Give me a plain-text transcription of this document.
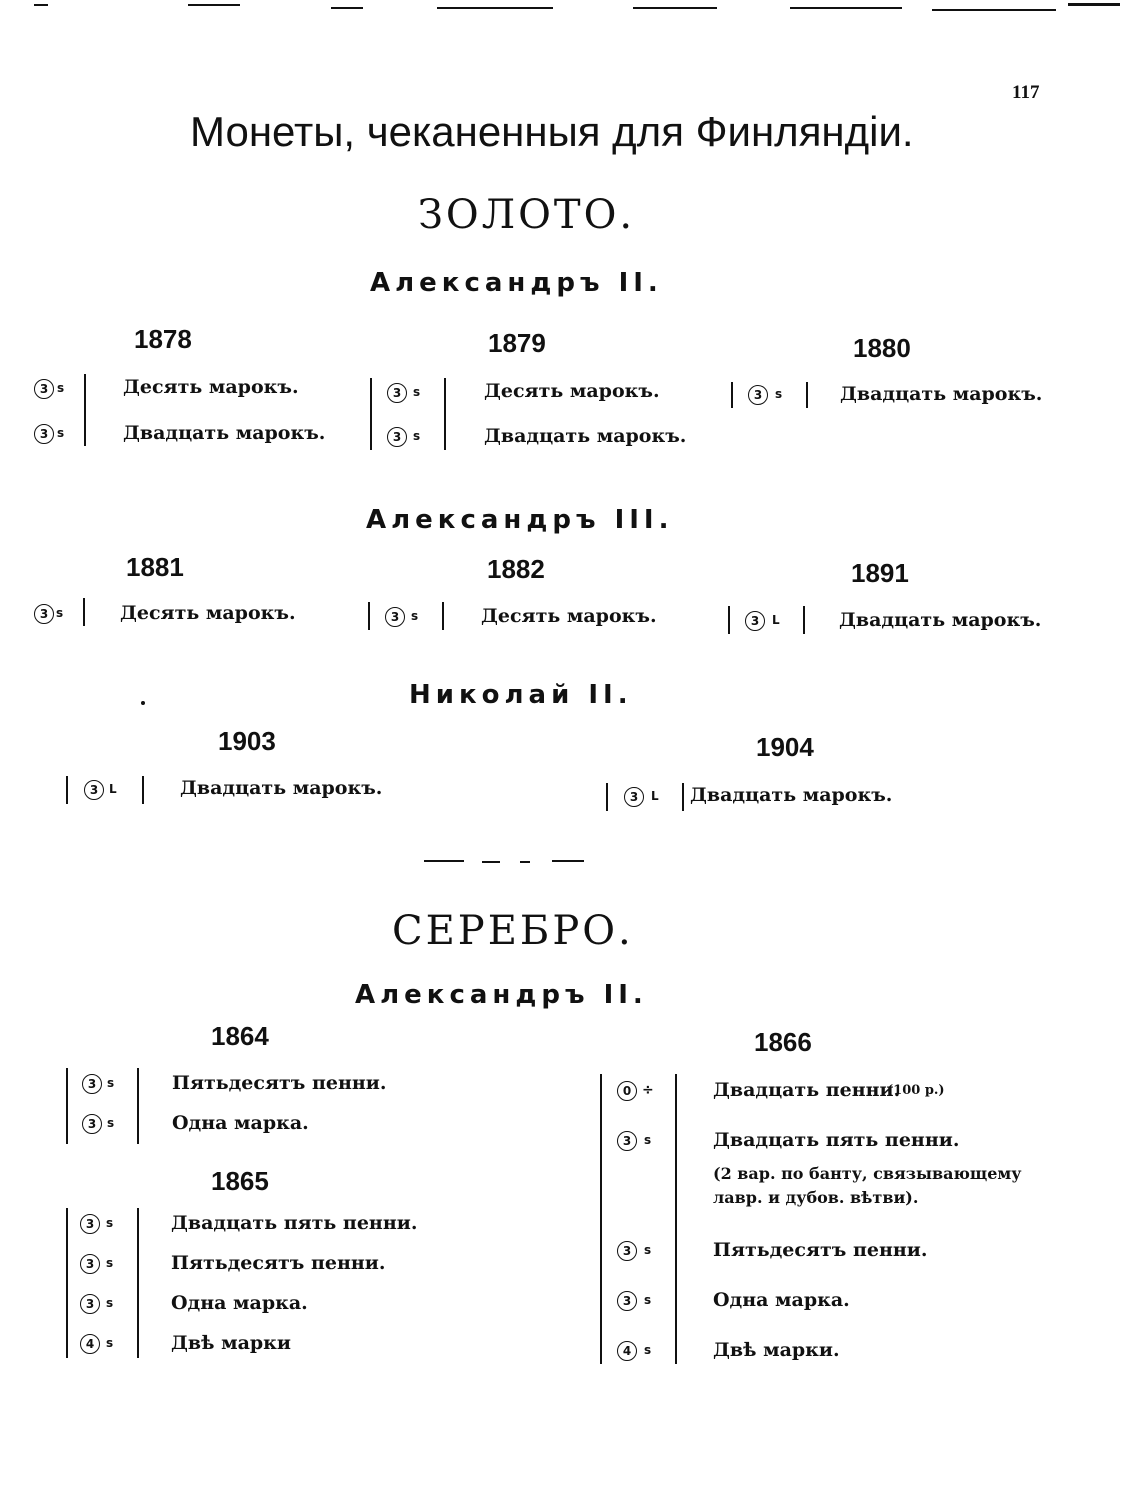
117
Монеты, чеканенныя для Финляндіи.
ЗОЛОТО.
Александръ II.
1878
3 s	Десять марокъ.
3 s	Двадцать марокъ.
1879
3 s	Десять марокъ.
3 s	Двадцать марокъ.
1880
3	s	Двадцать марокъ.
Александръ III.
1881
3 s	Десять марокъ.
1882
3 s	Десять марокъ.
1891
3	L	Двадцать марокъ.
Николай II.
1903
3 L	Двадцать марокъ.
1904
3	L Двадцать марокъ.
СЕРЕБРО.
Александръ II.
1864
3 s	Пятьдесятъ пенни.
3 s	Одна марка.
1865
3 s	Двадцать пять пенни.
3 s	Пятьдесятъ пенни.
3 s	Одна марка.
4 s	Двѣ марки
1866
0 ÷	Двадцать пенни.
(100 р.)
3	s	Двадцать пять пенни.
(2 вар. по банту, связывающему лавр. и дубов. вѣтви).
3	s	Пятьдесятъ пенни.
3	s	Одна марка.
4	s	Двѣ марки.
